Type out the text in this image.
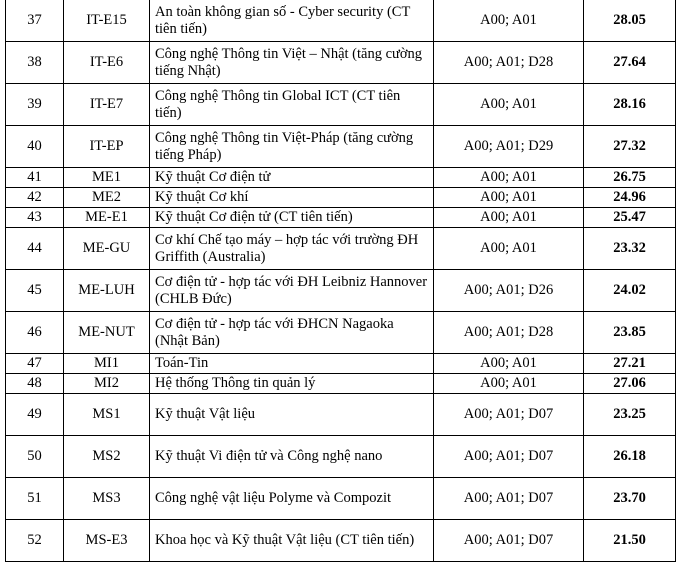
37	IT-E15	An toàn không gian số - Cyber security (CT tiên tiến)	A00; A01	28.05
38	IT-E6	Công nghệ Thông tin Việt – Nhật (tăng cường tiếng Nhật)	A00; A01; D28	27.64
39	IT-E7	Công nghệ Thông tin Global ICT (CT tiên tiến)	A00; A01	28.16
40	IT-EP	Công nghệ Thông tin Việt-Pháp (tăng cường tiếng Pháp)	A00; A01; D29	27.32
41	ME1	Kỹ thuật Cơ điện tử	A00; A01	26.75
42	ME2	Kỹ thuật Cơ khí	A00; A01	24.96
43	ME-E1	Kỹ thuật Cơ điện tử (CT tiên tiến)	A00; A01	25.47
44	ME-GU	Cơ khí Chế tạo máy – hợp tác với trường ĐH Griffith (Australia)	A00; A01	23.32
45	ME-LUH	Cơ điện tử - hợp tác với ĐH Leibniz Hannover (CHLB Đức)	A00; A01; D26	24.02
46	ME-NUT	Cơ điện tử - hợp tác với ĐHCN Nagaoka (Nhật Bản)	A00; A01; D28	23.85
47	MI1	Toán-Tin	A00; A01	27.21
48	MI2	Hệ thống Thông tin quản lý	A00; A01	27.06
49	MS1	Kỹ thuật Vật liệu	A00; A01; D07	23.25
50	MS2	Kỹ thuật Vi điện tử và Công nghệ nano	A00; A01; D07	26.18
51	MS3	Công nghệ vật liệu Polyme và Compozit	A00; A01; D07	23.70
52	MS-E3	Khoa học và Kỹ thuật Vật liệu (CT tiên tiến)	A00; A01; D07	21.50
